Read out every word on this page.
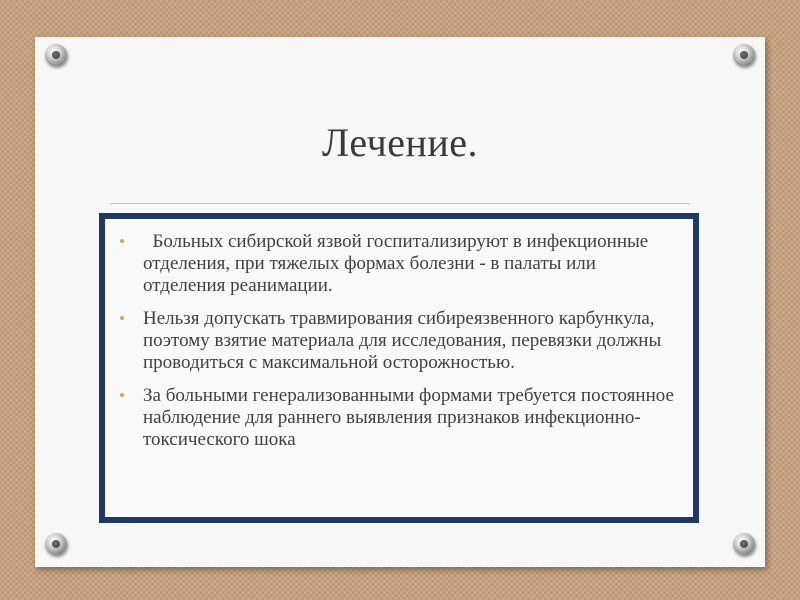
Лечение.
• Больных сибирской язвой госпитализируют в инфекционные отделения, при тяжелых формах болезни - в палаты или отделения реанимации.
• Нельзя допускать травмирования сибиреязвенного карбункула, поэтому взятие материала для исследования, перевязки должны проводиться с максимальной осторожностью.
• За больными генерализованными формами требуется постоянное наблюдение для раннего выявления признаков инфекционно-токсического шока
